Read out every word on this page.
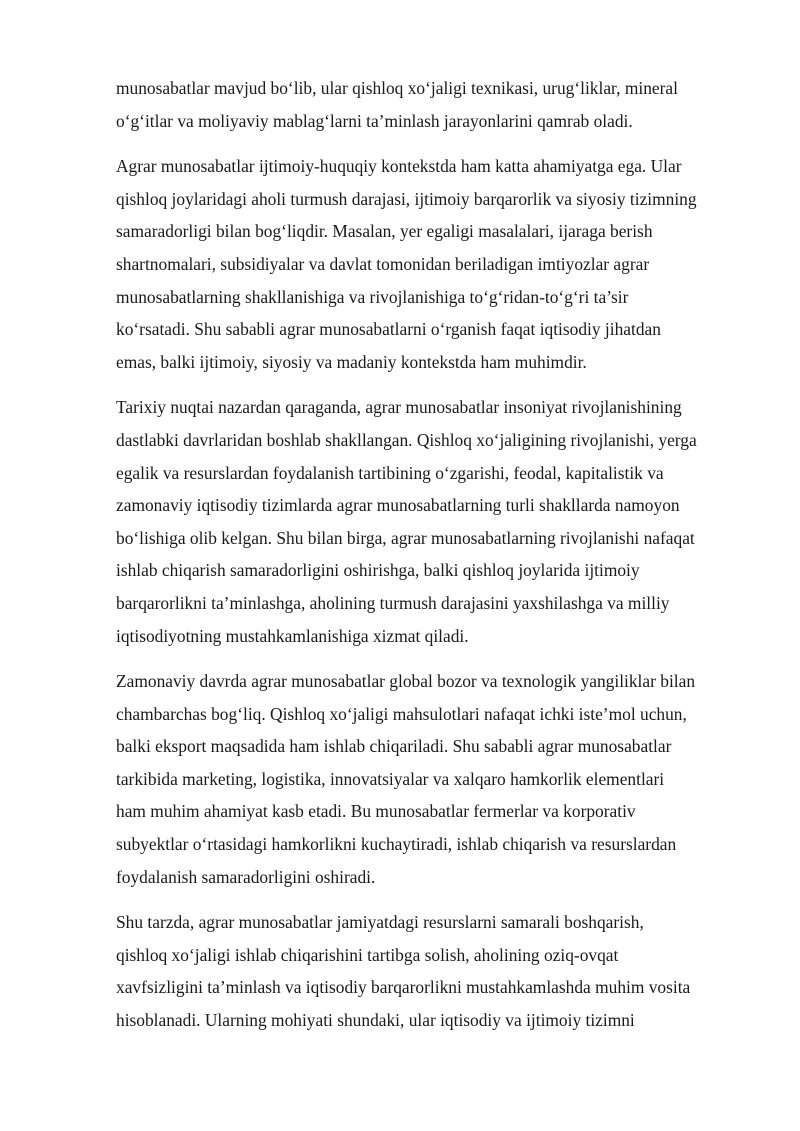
munosabatlar mavjud bo‘lib, ular qishloq xo‘jaligi texnikasi, urug‘liklar, mineral
o‘g‘itlar va moliyaviy mablag‘larni ta’minlash jarayonlarini qamrab oladi.

Agrar munosabatlar ijtimoiy-huquqiy kontekstda ham katta ahamiyatga ega. Ular
qishloq joylaridagi aholi turmush darajasi, ijtimoiy barqarorlik va siyosiy tizimning
samaradorligi bilan bog‘liqdir. Masalan, yer egaligi masalalari, ijaraga berish
shartnomalari, subsidiyalar va davlat tomonidan beriladigan imtiyozlar agrar
munosabatlarning shakllanishiga va rivojlanishiga to‘g‘ridan-to‘g‘ri ta’sir
ko‘rsatadi. Shu sababli agrar munosabatlarni o‘rganish faqat iqtisodiy jihatdan
emas, balki ijtimoiy, siyosiy va madaniy kontekstda ham muhimdir.

Tarixiy nuqtai nazardan qaraganda, agrar munosabatlar insoniyat rivojlanishining
dastlabki davrlaridan boshlab shakllangan. Qishloq xo‘jaligining rivojlanishi, yerga
egalik va resurslardan foydalanish tartibining o‘zgarishi, feodal, kapitalistik va
zamonaviy iqtisodiy tizimlarda agrar munosabatlarning turli shakllarda namoyon
bo‘lishiga olib kelgan. Shu bilan birga, agrar munosabatlarning rivojlanishi nafaqat
ishlab chiqarish samaradorligini oshirishga, balki qishloq joylarida ijtimoiy
barqarorlikni ta’minlashga, aholining turmush darajasini yaxshilashga va milliy
iqtisodiyotning mustahkamlanishiga xizmat qiladi.

Zamonaviy davrda agrar munosabatlar global bozor va texnologik yangiliklar bilan
chambarchas bog‘liq. Qishloq xo‘jaligi mahsulotlari nafaqat ichki iste’mol uchun,
balki eksport maqsadida ham ishlab chiqariladi. Shu sababli agrar munosabatlar
tarkibida marketing, logistika, innovatsiyalar va xalqaro hamkorlik elementlari
ham muhim ahamiyat kasb etadi. Bu munosabatlar fermerlar va korporativ
subyektlar o‘rtasidagi hamkorlikni kuchaytiradi, ishlab chiqarish va resurslardan
foydalanish samaradorligini oshiradi.

Shu tarzda, agrar munosabatlar jamiyatdagi resurslarni samarali boshqarish,
qishloq xo‘jaligi ishlab chiqarishini tartibga solish, aholining oziq-ovqat
xavfsizligini ta’minlash va iqtisodiy barqarorlikni mustahkamlashda muhim vosita
hisoblanadi. Ularning mohiyati shundaki, ular iqtisodiy va ijtimoiy tizimni
